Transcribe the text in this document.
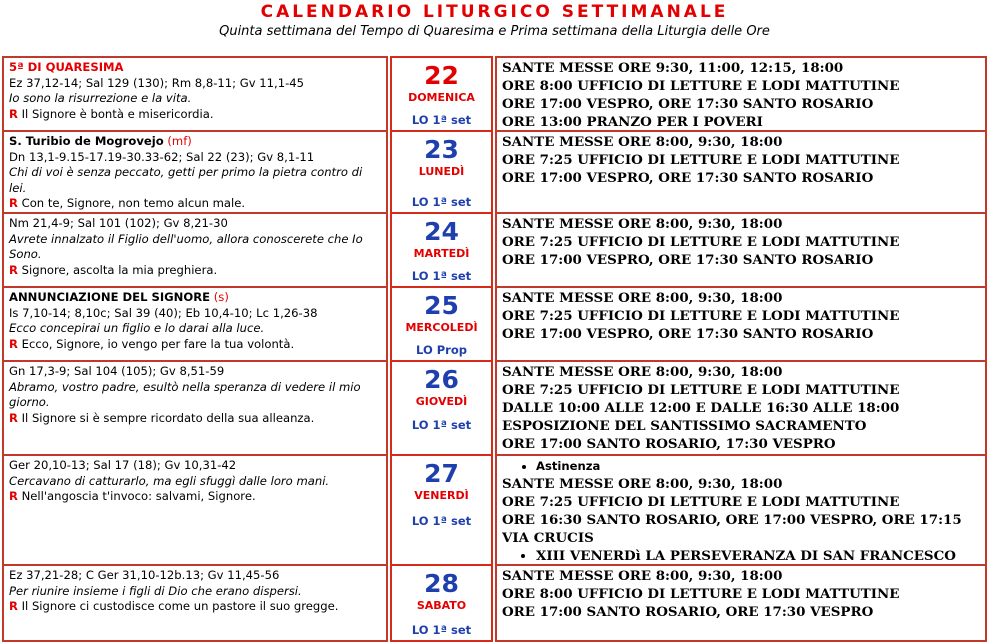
CALENDARIO LITURGICO SETTIMANALE
Quinta settimana del Tempo di Quaresima e Prima settimana della Liturgia delle Ore
5ª DI QUARESIMA
Ez 37,12-14; Sal 129 (130); Rm 8,8-11; Gv 11,1-45
Io sono la risurrezione e la vita.
R Il Signore è bontà e misericordia.
22
DOMENICA
LO 1ª set
SANTE MESSE ORE 9:30, 11:00, 12:15, 18:00
ORE 8:00 UFFICIO DI LETTURE E LODI MATTUTINE
ORE 17:00 VESPRO, ORE 17:30 SANTO ROSARIO
ORE 13:00 PRANZO PER I POVERI
S. Turibio de Mogrovejo (mf)
Dn 13,1-9.15-17.19-30.33-62; Sal 22 (23); Gv 8,1-11
Chi di voi è senza peccato, getti per primo la pietra contro di lei.
R Con te, Signore, non temo alcun male.
23
LUNEDÌ
LO 1ª set
SANTE MESSE ORE 8:00, 9:30, 18:00
ORE 7:25 UFFICIO DI LETTURE E LODI MATTUTINE
ORE 17:00 VESPRO, ORE 17:30 SANTO ROSARIO
Nm 21,4-9; Sal 101 (102); Gv 8,21-30
Avrete innalzato il Figlio dell'uomo, allora conoscerete che Io Sono.
R Signore, ascolta la mia preghiera.
24
MARTEDÌ
LO 1ª set
SANTE MESSE ORE 8:00, 9:30, 18:00
ORE 7:25 UFFICIO DI LETTURE E LODI MATTUTINE
ORE 17:00 VESPRO, ORE 17:30 SANTO ROSARIO
ANNUNCIAZIONE DEL SIGNORE (s)
Is 7,10-14; 8,10c; Sal 39 (40); Eb 10,4-10; Lc 1,26-38
Ecco concepirai un figlio e lo darai alla luce.
R Ecco, Signore, io vengo per fare la tua volontà.
25
MERCOLEDÌ
LO Prop
SANTE MESSE ORE 8:00, 9:30, 18:00
ORE 7:25 UFFICIO DI LETTURE E LODI MATTUTINE
ORE 17:00 VESPRO, ORE 17:30 SANTO ROSARIO
Gn 17,3-9; Sal 104 (105); Gv 8,51-59
Abramo, vostro padre, esultò nella speranza di vedere il mio giorno.
R Il Signore si è sempre ricordato della sua alleanza.
26
GIOVEDÌ
LO 1ª set
SANTE MESSE ORE 8:00, 9:30, 18:00
ORE 7:25 UFFICIO DI LETTURE E LODI MATTUTINE
DALLE 10:00 ALLE 12:00 E DALLE 16:30 ALLE 18:00
ESPOSIZIONE DEL SANTISSIMO SACRAMENTO
ORE 17:00 SANTO ROSARIO, 17:30 VESPRO
Ger 20,10-13; Sal 17 (18); Gv 10,31-42
Cercavano di catturarlo, ma egli sfuggì dalle loro mani.
R Nell'angoscia t'invoco: salvami, Signore.
27
VENERDÌ
LO 1ª set
• Astinenza
SANTE MESSE ORE 8:00, 9:30, 18:00
ORE 7:25 UFFICIO DI LETTURE E LODI MATTUTINE
ORE 16:30 SANTO ROSARIO, ORE 17:00 VESPRO, ORE 17:15 VIA CRUCIS
• XIII VENERDì LA PERSEVERANZA DI SAN FRANCESCO
Ez 37,21-28; C Ger 31,10-12b.13; Gv 11,45-56
Per riunire insieme i figli di Dio che erano dispersi.
R Il Signore ci custodisce come un pastore il suo gregge.
28
SABATO
LO 1ª set
SANTE MESSE ORE 8:00, 9:30, 18:00
ORE 8:00 UFFICIO DI LETTURE E LODI MATTUTINE
ORE 17:00 SANTO ROSARIO, ORE 17:30 VESPRO
